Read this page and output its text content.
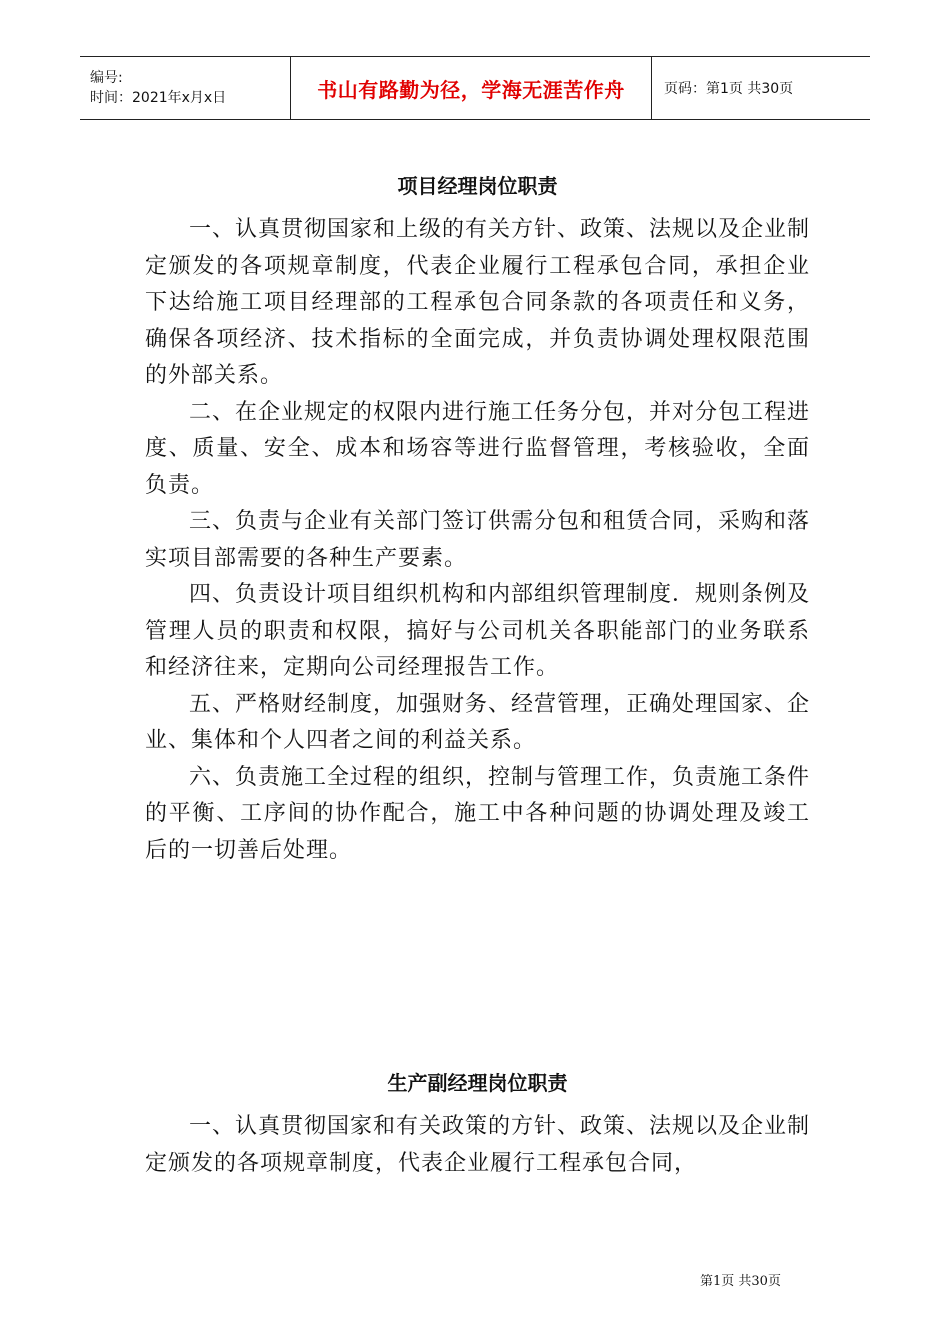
编号:
时间：2021年x月x日	书山有路勤为径，学海无涯苦作舟	页码：第1页 共30页
项目经理岗位职责

一、认真贯彻国家和上级的有关方针、政策、法规以及企业制定颁发的各项规章制度，代表企业履行工程承包合同，承担企业下达给施工项目经理部的工程承包合同条款的各项责任和义务，确保各项经济、技术指标的全面完成，并负责协调处理权限范围的外部关系。

二、在企业规定的权限内进行施工任务分包，并对分包工程进度、质量、安全、成本和场容等进行监督管理，考核验收，全面负责。

三、负责与企业有关部门签订供需分包和租赁合同，采购和落实项目部需要的各种生产要素。

四、负责设计项目组织机构和内部组织管理制度．规则条例及管理人员的职责和权限，搞好与公司机关各职能部门的业务联系和经济往来，定期向公司经理报告工作。

五、严格财经制度，加强财务、经营管理，正确处理国家、企业、集体和个人四者之间的利益关系。

六、负责施工全过程的组织，控制与管理工作，负责施工条件的平衡、工序间的协作配合，施工中各种问题的协调处理及竣工后的一切善后处理。

生产副经理岗位职责

一、认真贯彻国家和有关政策的方针、政策、法规以及企业制定颁发的各项规章制度，代表企业履行工程承包合同，

第1页 共30页
